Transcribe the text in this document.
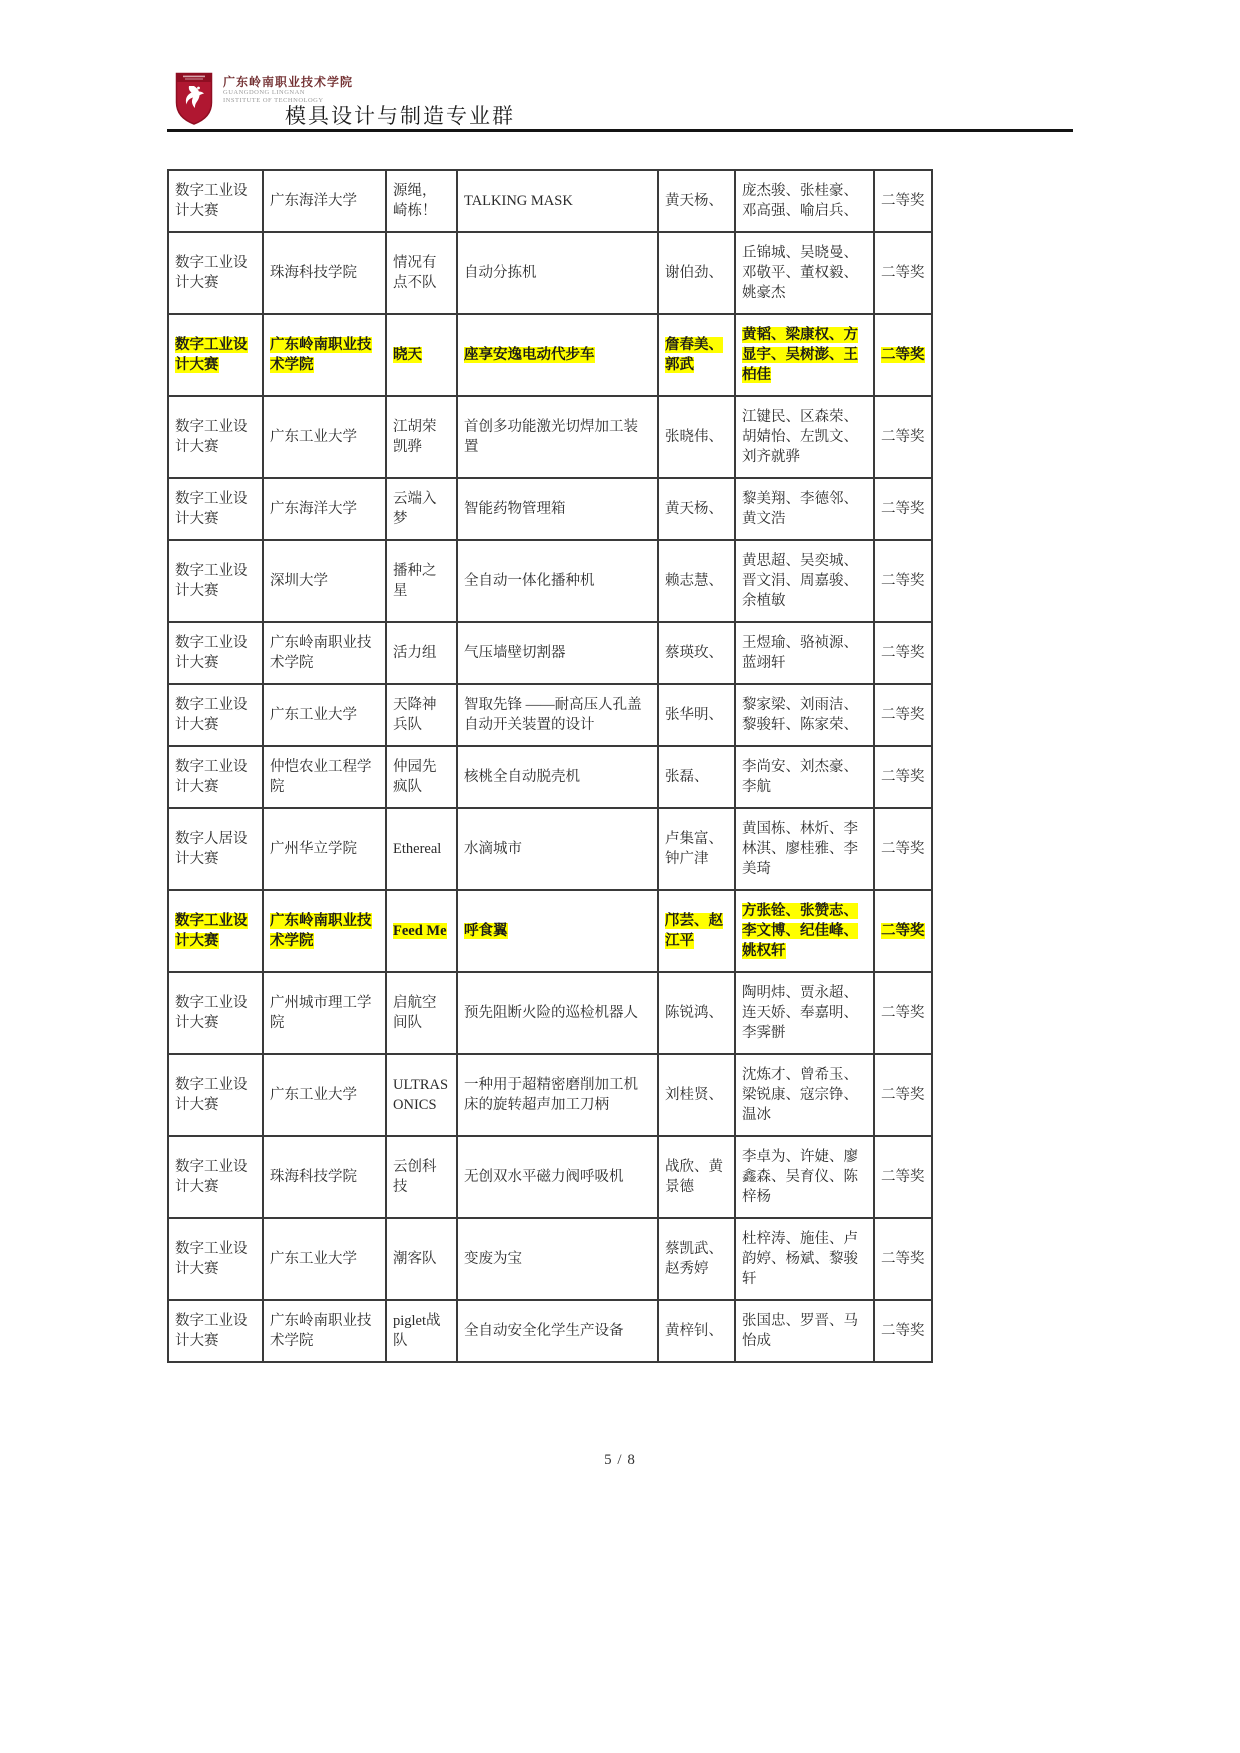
广东岭南职业技术学院
GUANGDONG LINGNAN
INSTITUTE OF TECHNOLOGY
模具设计与制造专业群
数字工业设计大赛	广东海洋大学	源绳，崎栋！	TALKING MASK	黄天杨、	庞杰骏、张桂豪、邓高强、喻启兵、	二等奖
数字工业设计大赛	珠海科技学院	情况有点不队	自动分拣机	谢伯劲、	丘锦城、吴晓曼、邓敬平、董权毅、姚豪杰	二等奖
数字工业设计大赛	广东岭南职业技术学院	晓天	座享安逸电动代步车	詹春美、郭武	黄韬、梁康权、方显宇、吴树澎、王柏佳	二等奖
数字工业设计大赛	广东工业大学	江胡荣凯骅	首创多功能激光切焊加工装置	张晓伟、	江键民、区森荣、胡婧怡、左凯文、刘齐就骅	二等奖
数字工业设计大赛	广东海洋大学	云端入梦	智能药物管理箱	黄天杨、	黎美翔、李德邻、黄文浩	二等奖
数字工业设计大赛	深圳大学	播种之星	全自动一体化播种机	赖志慧、	黄思超、吴奕城、晋文涓、周嘉骏、余植敏	二等奖
数字工业设计大赛	广东岭南职业技术学院	活力组	气压墙壁切割器	蔡瑛玫、	王煜瑜、骆祯源、蓝翊轩	二等奖
数字工业设计大赛	广东工业大学	天降神兵队	智取先锋 ——耐高压人孔盖自动开关装置的设计	张华明、	黎家梁、刘雨洁、黎骏轩、陈家荣、	二等奖
数字工业设计大赛	仲恺农业工程学院	仲园先疯队	核桃全自动脱壳机	张磊、	李尚安、刘杰豪、李航	二等奖
数字人居设计大赛	广州华立学院	Ethereal	水滴城市	卢集富、钟广津	黄国栋、林炘、李林淇、廖桂雅、李美琦	二等奖
数字工业设计大赛	广东岭南职业技术学院	Feed Me	呼食翼	邝芸、赵江平	方张铨、张赞志、李文博、纪佳峰、姚权轩	二等奖
数字工业设计大赛	广州城市理工学院	启航空间队	预先阻断火险的巡检机器人	陈锐鸿、	陶明炜、贾永超、连天娇、奉嘉明、李霁骿	二等奖
数字工业设计大赛	广东工业大学	ULTRASONICS	一种用于超精密磨削加工机床的旋转超声加工刀柄	刘桂贤、	沈炼才、曾希玉、梁锐康、寇宗铮、温冰	二等奖
数字工业设计大赛	珠海科技学院	云创科技	无创双水平磁力阀呼吸机	战欣、黄景德	李卓为、许婕、廖鑫森、吴育仪、陈梓杨	二等奖
数字工业设计大赛	广东工业大学	潮客队	变废为宝	蔡凯武、赵秀婷	杜梓涛、施佳、卢韵婷、杨斌、黎骏轩	二等奖
数字工业设计大赛	广东岭南职业技术学院	piglet战队	全自动安全化学生产设备	黄梓钊、	张国忠、罗晋、马怡成	二等奖
5 / 8
